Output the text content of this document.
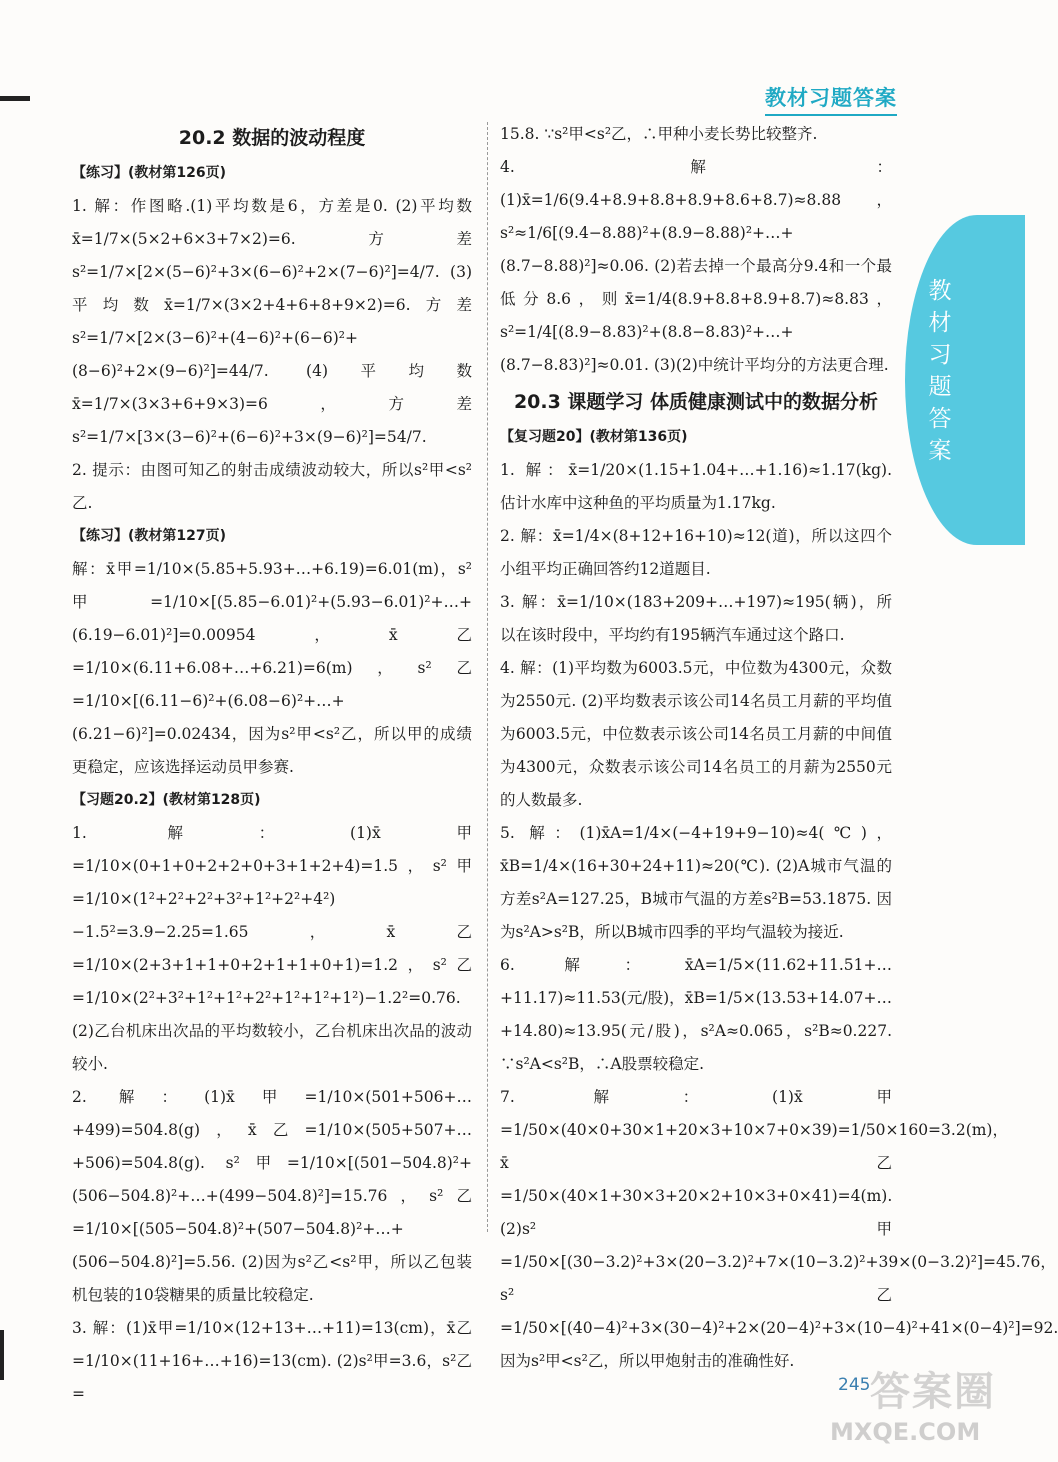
教材习题答案
教材习题答案
20.2 数据的波动程度
【练习】(教材第126页)

1. 解：作图略.(1)平均数是6，方差是0. (2)平均数x̄=1/7×(5×2+6×3+7×2)=6.方差s²=1/7×[2×(5−6)²+3×(6−6)²+2×(7−6)²]=4/7. (3)平均数x̄=1/7×(3×2+4+6+8+9×2)=6.方差s²=1/7×[2×(3−6)²+(4−6)²+(6−6)²+(8−6)²+2×(9−6)²]=44/7. (4)平均数x̄=1/7×(3×3+6+9×3)=6，方差s²=1/7×[3×(3−6)²+(6−6)²+3×(9−6)²]=54/7.

2. 提示：由图可知乙的射击成绩波动较大，所以s²甲<s²乙.

【练习】(教材第127页)

解：x̄甲=1/10×(5.85+5.93+…+6.19)=6.01(m)，s²甲=1/10×[(5.85−6.01)²+(5.93−6.01)²+…+(6.19−6.01)²]=0.00954，x̄乙=1/10×(6.11+6.08+…+6.21)=6(m)，s²乙=1/10×[(6.11−6)²+(6.08−6)²+…+(6.21−6)²]=0.02434，因为s²甲<s²乙，所以甲的成绩更稳定，应该选择运动员甲参赛.

【习题20.2】(教材第128页)

1. 解：(1)x̄甲=1/10×(0+1+0+2+2+0+3+1+2+4)=1.5，s²甲=1/10×(1²+2²+2²+3²+1²+2²+4²)−1.5²=3.9−2.25=1.65，x̄乙=1/10×(2+3+1+1+0+2+1+1+0+1)=1.2，s²乙=1/10×(2²+3²+1²+1²+2²+1²+1²+1²)−1.2²=0.76. (2)乙台机床出次品的平均数较小，乙台机床出次品的波动较小.

2. 解：(1)x̄甲=1/10×(501+506+…+499)=504.8(g)，x̄乙=1/10×(505+507+…+506)=504.8(g). s²甲=1/10×[(501−504.8)²+(506−504.8)²+…+(499−504.8)²]=15.76，s²乙=1/10×[(505−504.8)²+(507−504.8)²+…+(506−504.8)²]=5.56. (2)因为s²乙<s²甲，所以乙包装机包装的10袋糖果的质量比较稳定.

3. 解：(1)x̄甲=1/10×(12+13+…+11)=13(cm)，x̄乙=1/10×(11+16+…+16)=13(cm). (2)s²甲=3.6，s²乙=

15.8. ∵s²甲<s²乙，∴甲种小麦长势比较整齐.

4. 解：(1)x̄=1/6(9.4+8.9+8.8+8.9+8.6+8.7)≈8.88，s²≈1/6[(9.4−8.88)²+(8.9−8.88)²+…+(8.7−8.88)²]≈0.06. (2)若去掉一个最高分9.4和一个最低分8.6，则x̄=1/4(8.9+8.8+8.9+8.7)≈8.83，s²=1/4[(8.9−8.83)²+(8.8−8.83)²+…+(8.7−8.83)²]≈0.01. (3)(2)中统计平均分的方法更合理.

20.3 课题学习 体质健康测试中的数据分析
【复习题20】(教材第136页)

1. 解：x̄=1/20×(1.15+1.04+…+1.16)≈1.17(kg). 估计水库中这种鱼的平均质量为1.17kg.

2. 解：x̄=1/4×(8+12+16+10)≈12(道)，所以这四个小组平均正确回答约12道题目.

3. 解：x̄=1/10×(183+209+…+197)≈195(辆)，所以在该时段中，平均约有195辆汽车通过这个路口.

4. 解：(1)平均数为6003.5元，中位数为4300元，众数为2550元. (2)平均数表示该公司14名员工月薪的平均值为6003.5元，中位数表示该公司14名员工月薪的中间值为4300元，众数表示该公司14名员工的月薪为2550元的人数最多.

5. 解：(1)x̄A=1/4×(−4+19+9−10)≈4(℃)，x̄B=1/4×(16+30+24+11)≈20(℃). (2)A城市气温的方差s²A=127.25，B城市气温的方差s²B=53.1875. 因为s²A>s²B，所以B城市四季的平均气温较为接近.

6. 解：x̄A=1/5×(11.62+11.51+…+11.17)≈11.53(元/股)，x̄B=1/5×(13.53+14.07+…+14.80)≈13.95(元/股)，s²A≈0.065，s²B≈0.227. ∵s²A<s²B，∴A股票较稳定.

7. 解：(1)x̄甲=1/50×(40×0+30×1+20×3+10×7+0×39)=1/50×160=3.2(m)，x̄乙=1/50×(40×1+30×3+20×2+10×3+0×41)=4(m). (2)s²甲=1/50×[(30−3.2)²+3×(20−3.2)²+7×(10−3.2)²+39×(0−3.2)²]=45.76，s²乙=1/50×[(40−4)²+3×(30−4)²+2×(20−4)²+3×(10−4)²+41×(0−4)²]=92. 因为s²甲<s²乙，所以甲炮射击的准确性好.

245 答案圈
MXQE.COM
